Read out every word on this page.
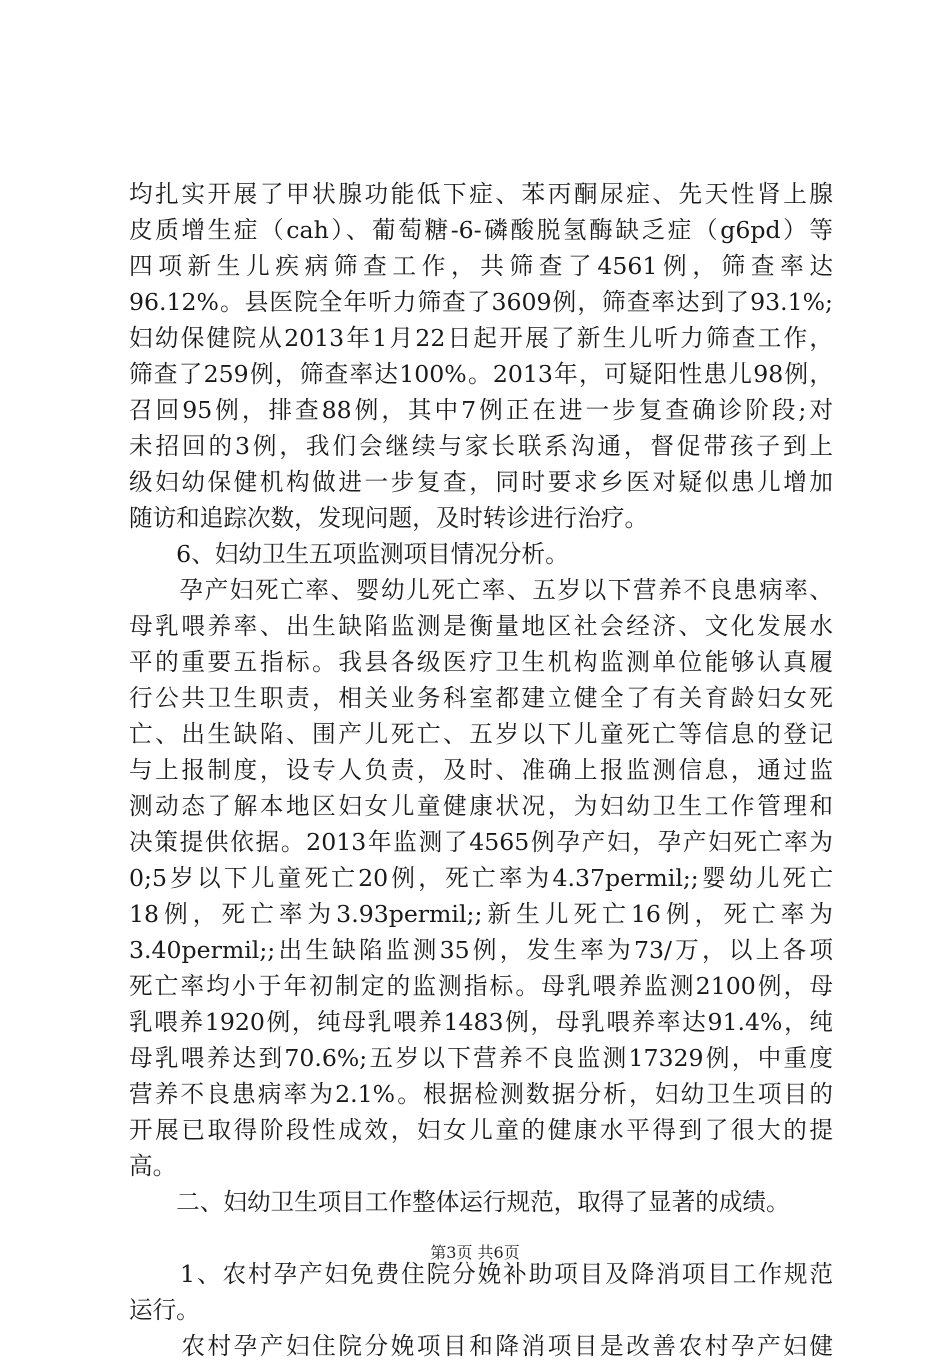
均扎实开展了甲状腺功能低下症、苯丙酮尿症、先天性肾上腺
皮质增生症（cah）、葡萄糖-6-磷酸脱氢酶缺乏症（g6pd）等
四项新生儿疾病筛查工作，共筛查了4561例，筛查率达
96.12%。县医院全年听力筛查了3609例，筛查率达到了93.1%;
妇幼保健院从2013年1月22日起开展了新生儿听力筛查工作，
筛查了259例，筛查率达100%。2013年，可疑阳性患儿98例，
召回95例，排查88例，其中7例正在进一步复查确诊阶段;对
未招回的3例，我们会继续与家长联系沟通，督促带孩子到上
级妇幼保健机构做进一步复查，同时要求乡医对疑似患儿增加
随访和追踪次数，发现问题，及时转诊进行治疗。
　　6、妇幼卫生五项监测项目情况分析。
　　孕产妇死亡率、婴幼儿死亡率、五岁以下营养不良患病率、
母乳喂养率、出生缺陷监测是衡量地区社会经济、文化发展水
平的重要五指标。我县各级医疗卫生机构监测单位能够认真履
行公共卫生职责，相关业务科室都建立健全了有关育龄妇女死
亡、出生缺陷、围产儿死亡、五岁以下儿童死亡等信息的登记
与上报制度，设专人负责，及时、准确上报监测信息，通过监
测动态了解本地区妇女儿童健康状况，为妇幼卫生工作管理和
决策提供依据。2013年监测了4565例孕产妇，孕产妇死亡率为
0;5岁以下儿童死亡20例，死亡率为4.37permil;;婴幼儿死亡
18例，死亡率为3.93permil;;新生儿死亡16例，死亡率为
3.40permil;;出生缺陷监测35例，发生率为73/万，以上各项
死亡率均小于年初制定的监测指标。母乳喂养监测2100例，母
乳喂养1920例，纯母乳喂养1483例，母乳喂养率达91.4%，纯
母乳喂养达到70.6%;五岁以下营养不良监测17329例，中重度
营养不良患病率为2.1%。根据检测数据分析，妇幼卫生项目的
开展已取得阶段性成效，妇女儿童的健康水平得到了很大的提
高。
　　二、妇幼卫生项目工作整体运行规范，取得了显著的成绩。
　　1、农村孕产妇免费住院分娩补助项目及降消项目工作规范
运行。
　　农村孕产妇住院分娩项目和降消项目是改善农村孕产妇健
第3页 共6页
